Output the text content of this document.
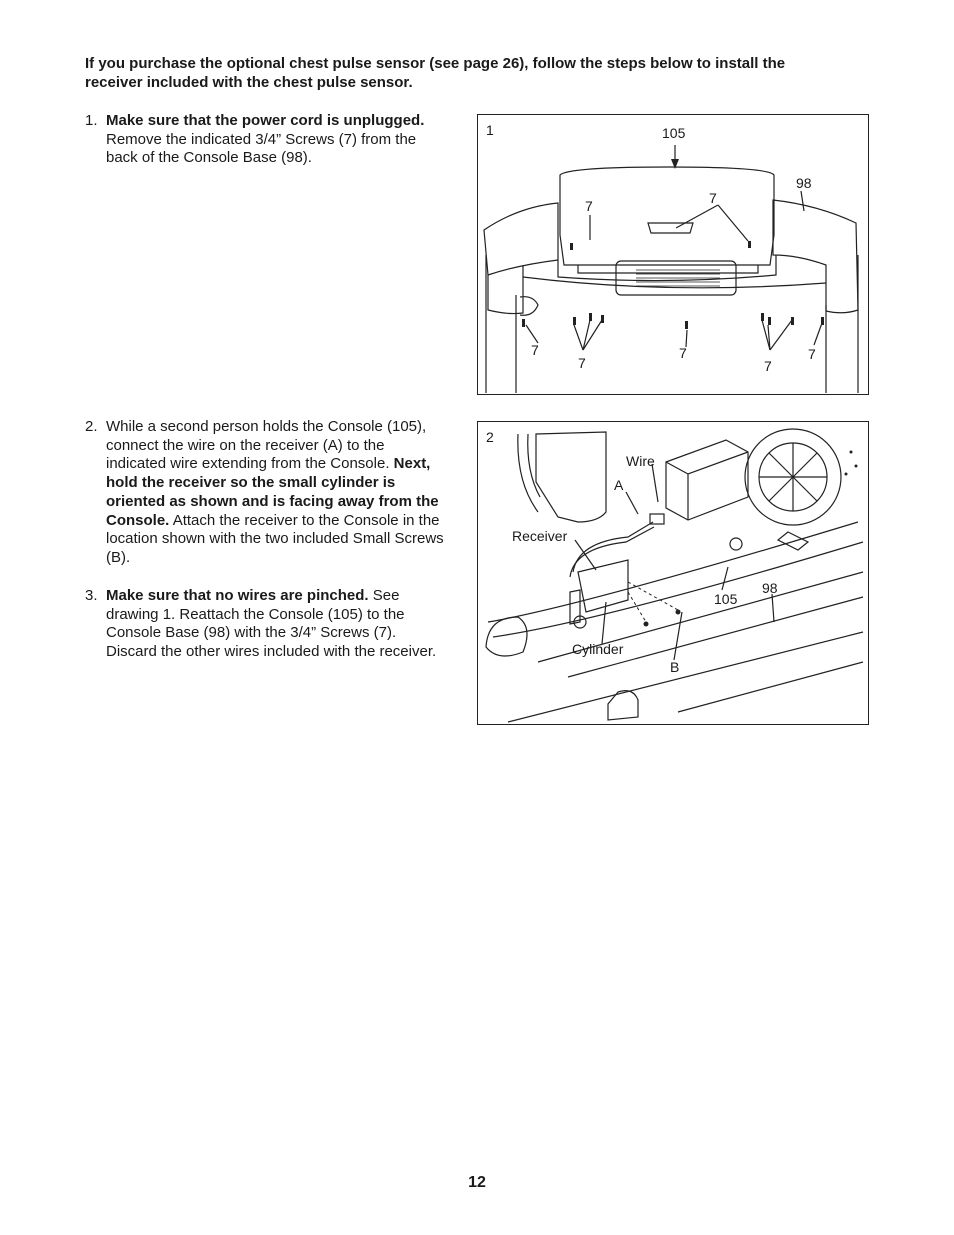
If you purchase the optional chest pulse sensor (see page 26), follow the steps below to install the receiver included with the chest pulse sensor.

1. Make sure that the power cord is unplugged. Remove the indicated 3/4” Screws (7) from the back of the Console Base (98).
2. While a second person holds the Console (105), connect the wire on the receiver (A) to the indicated wire extending from the Console. Next, hold the receiver so the small cylinder is oriented as shown and is facing away from the Console. Attach the receiver to the Console in the location shown with the two included Small Screws (B).
3. Make sure that no wires are pinched. See drawing 1. Reattach the Console (105) to the Console Base (98) with the 3/4” Screws (7). Discard the other wires included with the receiver.
1	105
98
7	7
7
7
7
7
7
2
Wire
A
Receiver
105
98
Cylinder
B
12
